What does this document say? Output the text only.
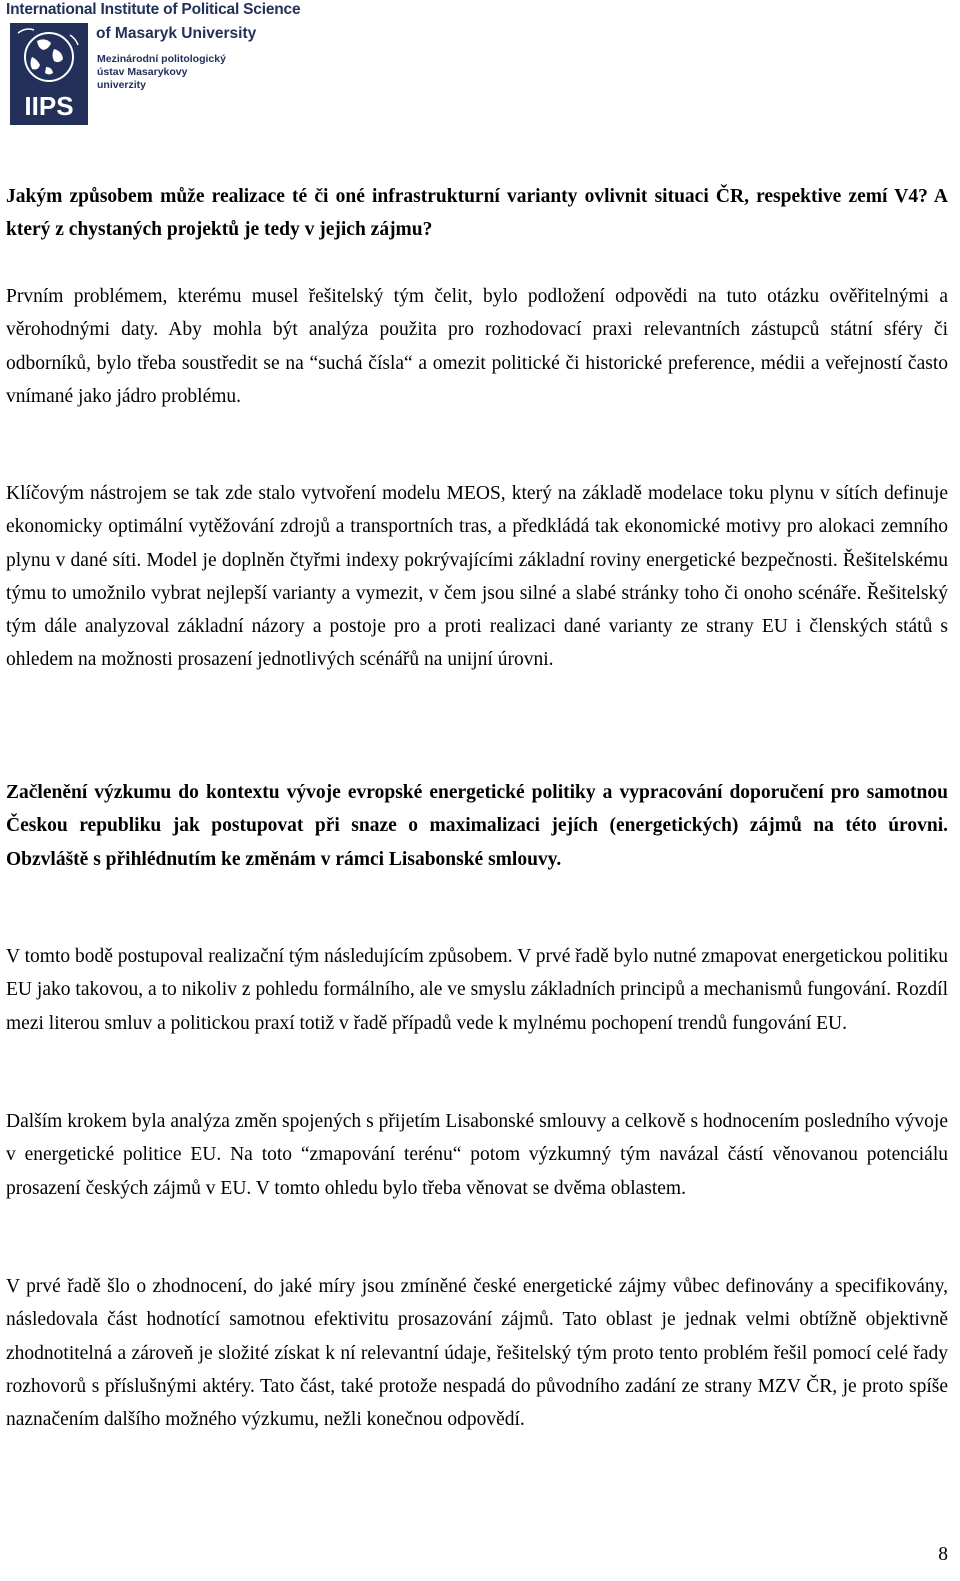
International Institute of Political Science
IIPS
of Masaryk University
Mezinárodní politologický
ústav Masarykovy
univerzity

Jakým způsobem může realizace té či oné infrastrukturní varianty ovlivnit situaci ČR, respektive zemí V4? A který z chystaných projektů je tedy v jejich zájmu?

Prvním problémem, kterému musel řešitelský tým čelit, bylo podložení odpovědi na tuto otázku ověřitelnými a věrohodnými daty. Aby mohla být analýza použita pro rozhodovací praxi relevantních zástupců státní sféry či odborníků, bylo třeba soustředit se na “suchá čísla“ a omezit politické či historické preference, médii a veřejností často vnímané jako jádro problému.

Klíčovým nástrojem se tak zde stalo vytvoření modelu MEOS, který na základě modelace toku plynu v sítích definuje ekonomicky optimální vytěžování zdrojů a transportních tras, a předkládá tak ekonomické motivy pro alokaci zemního plynu v dané síti. Model je doplněn čtyřmi indexy pokrývajícími základní roviny energetické bezpečnosti. Řešitelskému týmu to umožnilo vybrat nejlepší varianty a vymezit, v čem jsou silné a slabé stránky toho či onoho scénáře. Řešitelský tým dále analyzoval základní názory a postoje pro a proti realizaci dané varianty ze strany EU i členských států s ohledem na možnosti prosazení jednotlivých scénářů na unijní úrovni.

Začlenění výzkumu do kontextu vývoje evropské energetické politiky a vypracování doporučení pro samotnou Českou republiku jak postupovat při snaze o maximalizaci jejích (energetických) zájmů na této úrovni. Obzvláště s přihlédnutím ke změnám v rámci Lisabonské smlouvy.

V tomto bodě postupoval realizační tým následujícím způsobem. V prvé řadě bylo nutné zmapovat energetickou politiku EU jako takovou, a to nikoliv z pohledu formálního, ale ve smyslu základních principů a mechanismů fungování. Rozdíl mezi literou smluv a politickou praxí totiž v řadě případů vede k mylnému pochopení trendů fungování EU.

Dalším krokem byla analýza změn spojených s přijetím Lisabonské smlouvy a celkově s hodnocením posledního vývoje v energetické politice EU. Na toto “zmapování terénu“ potom výzkumný tým navázal částí věnovanou potenciálu prosazení českých zájmů v EU. V tomto ohledu bylo třeba věnovat se dvěma oblastem.

V prvé řadě šlo o zhodnocení, do jaké míry jsou zmíněné české energetické zájmy vůbec definovány a specifikovány, následovala část hodnotící samotnou efektivitu prosazování zájmů. Tato oblast je jednak velmi obtížně objektivně zhodnotitelná a zároveň je složité získat k ní relevantní údaje, řešitelský tým proto tento problém řešil pomocí celé řady rozhovorů s příslušnými aktéry. Tato část, také protože nespadá do původního zadání ze strany MZV ČR, je proto spíše naznačením dalšího možného výzkumu, nežli konečnou odpovědí.

8
